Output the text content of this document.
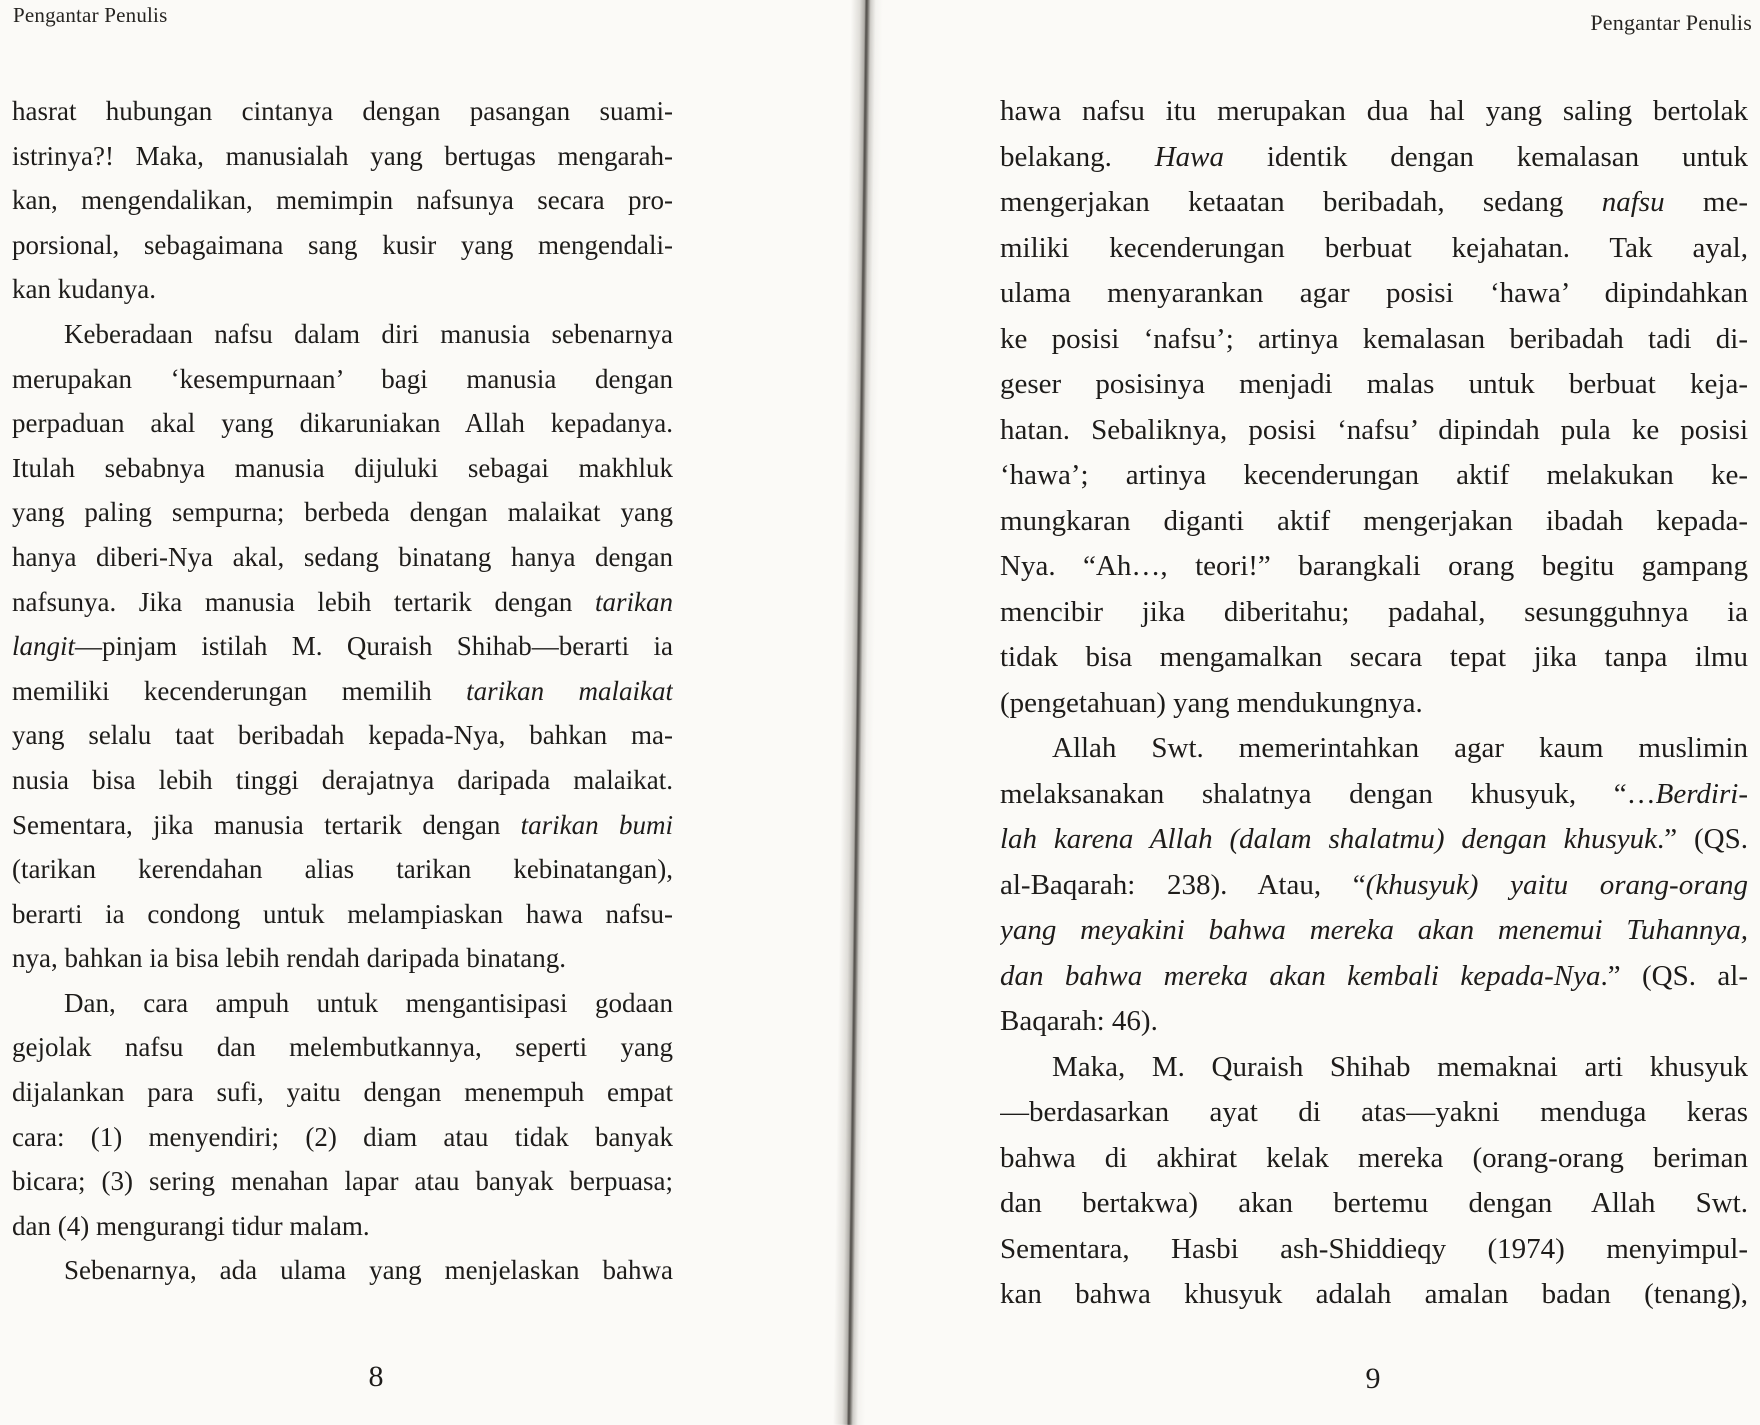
Pengantar Penulis
hasrat hubungan cintanya dengan pasangan suami-
istrinya?! Maka, manusialah yang bertugas mengarah-
kan, mengendalikan, memimpin nafsunya secara pro-
porsional, sebagaimana sang kusir yang mengendali-
kan kudanya.
Keberadaan nafsu dalam diri manusia sebenarnya
merupakan ‘kesempurnaan’ bagi manusia dengan
perpaduan akal yang dikaruniakan Allah kepadanya.
Itulah sebabnya manusia dijuluki sebagai makhluk
yang paling sempurna; berbeda dengan malaikat yang
hanya diberi-Nya akal, sedang binatang hanya dengan
nafsunya. Jika manusia lebih tertarik dengan tarikan
langit—pinjam istilah M. Quraish Shihab—berarti ia
memiliki kecenderungan memilih tarikan malaikat
yang selalu taat beribadah kepada-Nya, bahkan ma-
nusia bisa lebih tinggi derajatnya daripada malaikat.
Sementara, jika manusia tertarik dengan tarikan bumi
(tarikan kerendahan alias tarikan kebinatangan),
berarti ia condong untuk melampiaskan hawa nafsu-
nya, bahkan ia bisa lebih rendah daripada binatang.
Dan, cara ampuh untuk mengantisipasi godaan
gejolak nafsu dan melembutkannya, seperti yang
dijalankan para sufi, yaitu dengan menempuh empat
cara: (1) menyendiri; (2) diam atau tidak banyak
bicara; (3) sering menahan lapar atau banyak berpuasa;
dan (4) mengurangi tidur malam.
Sebenarnya, ada ulama yang menjelaskan bahwa
8
Pengantar Penulis
hawa nafsu itu merupakan dua hal yang saling bertolak
belakang. Hawa identik dengan kemalasan untuk
mengerjakan ketaatan beribadah, sedang nafsu me-
miliki kecenderungan berbuat kejahatan. Tak ayal,
ulama menyarankan agar posisi ‘hawa’ dipindahkan
ke posisi ‘nafsu’; artinya kemalasan beribadah tadi di-
geser posisinya menjadi malas untuk berbuat keja-
hatan. Sebaliknya, posisi ‘nafsu’ dipindah pula ke posisi
‘hawa’; artinya kecenderungan aktif melakukan ke-
mungkaran diganti aktif mengerjakan ibadah kepada-
Nya. “Ah…, teori!” barangkali orang begitu gampang
mencibir jika diberitahu; padahal, sesungguhnya ia
tidak bisa mengamalkan secara tepat jika tanpa ilmu
(pengetahuan) yang mendukungnya.
Allah Swt. memerintahkan agar kaum muslimin
melaksanakan shalatnya dengan khusyuk, “…Berdiri-
lah karena Allah (dalam shalatmu) dengan khusyuk.” (QS.
al-Baqarah: 238). Atau, “(khusyuk) yaitu orang-orang
yang meyakini bahwa mereka akan menemui Tuhannya,
dan bahwa mereka akan kembali kepada-Nya.” (QS. al-
Baqarah: 46).
Maka, M. Quraish Shihab memaknai arti khusyuk
—berdasarkan ayat di atas—yakni menduga keras
bahwa di akhirat kelak mereka (orang-orang beriman
dan bertakwa) akan bertemu dengan Allah Swt.
Sementara, Hasbi ash-Shiddieqy (1974) menyimpul-
kan bahwa khusyuk adalah amalan badan (tenang),
9
